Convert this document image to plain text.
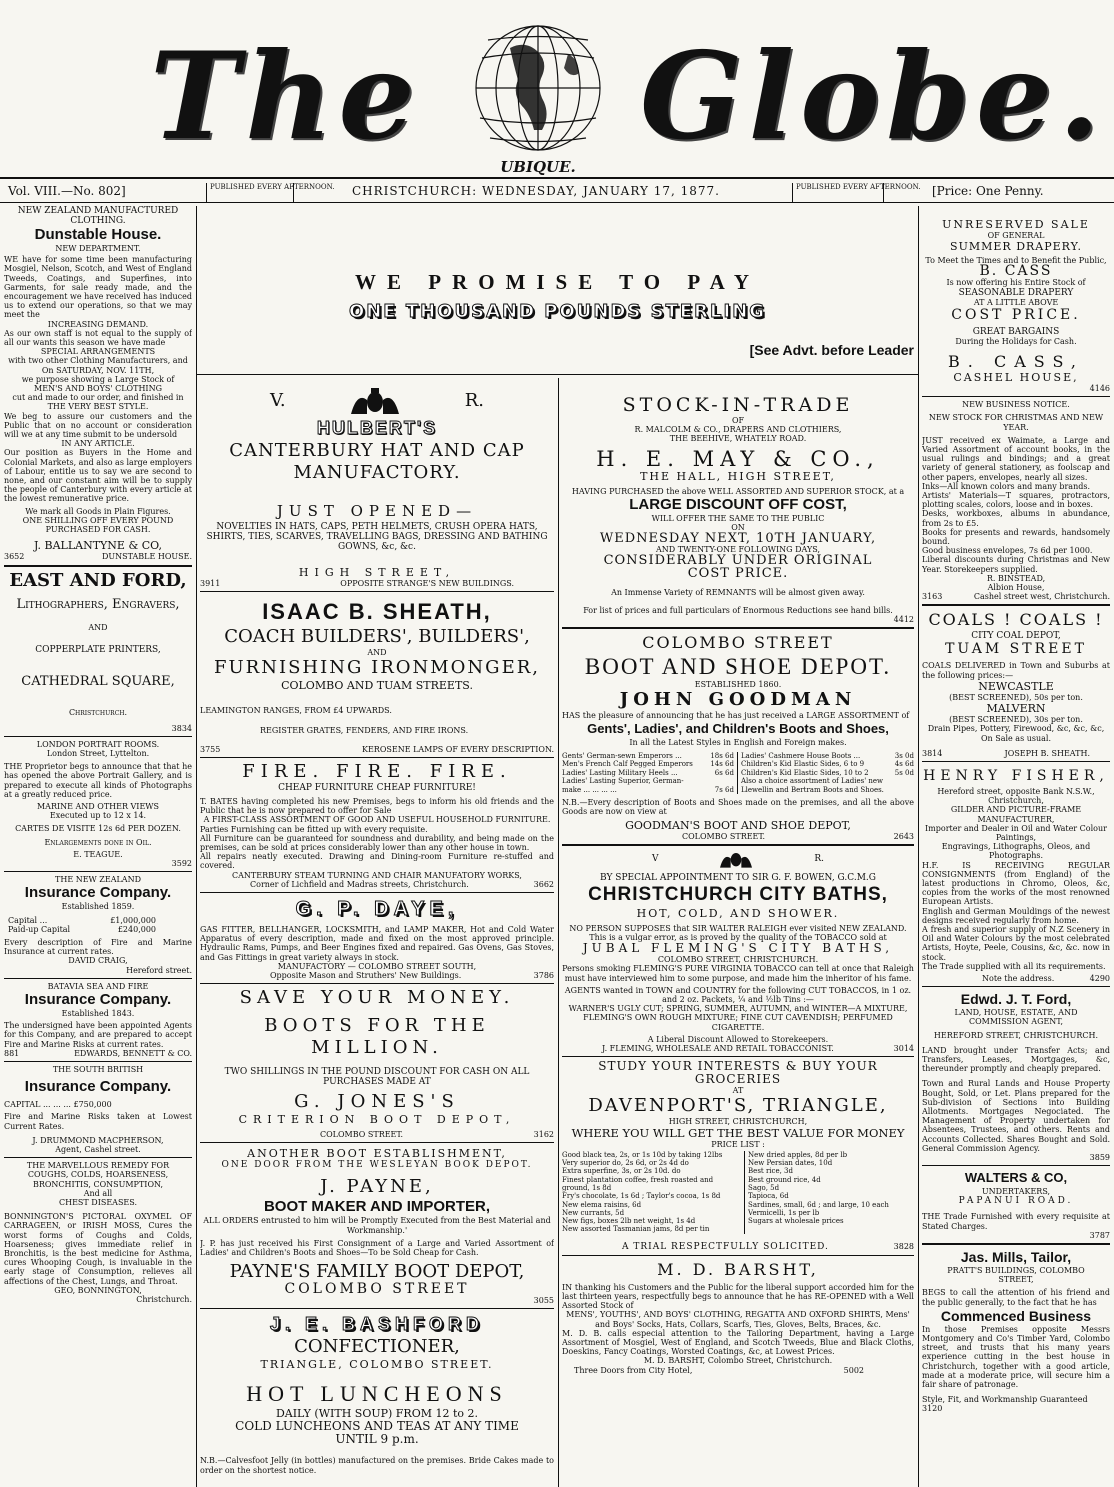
The	UBIQUE. Globe.
Vol. VIII.—No. 802]	PUBLISHED EVERY AFTERNOON. CHRISTCHURCH: WEDNESDAY, JANUARY 17, 1877.	PUBLISHED EVERY AFTERNOON. [Price: One Penny.
WE PROMISE TO PAY
ONE THOUSAND POUNDS STERLING
[See Advt. before Leader
NEW ZEALAND MANUFACTURED
CLOTHING.
Dunstable House.
NEW DEPARTMENT.
WE have for some time been manufacturing Mosgiel, Nelson, Scotch, and West of England Tweeds, Coatings, and Superfines, into Garments, for sale ready made, and the encouragement we have received has induced us to extend our operations, so that we may meet the
INCREASING DEMAND.
As our own staff is not equal to the supply of all our wants this season we have made
SPECIAL ARRANGEMENTS
with two other Clothing Manufacturers, and
On SATURDAY, NOV. 11TH,
we purpose showing a Large Stock of
MEN'S AND BOYS' CLOTHING
cut and made to our order, and finished in
THE VERY BEST STYLE.
We beg to assure our customers and the Public that on no account or consideration will we at any time submit to be undersold
IN ANY ARTICLE.
Our position as Buyers in the Home and Colonial Markets, and also as large employers of Labour, entitle us to say we are second to none, and our constant aim will be to supply the people of Canterbury with every article at the lowest remunerative price.
We mark all Goods in Plain Figures.
ONE SHILLING OFF EVERY POUND
PURCHASED FOR CASH.
J. BALLANTYNE & CO,
3652	DUNSTABLE HOUSE.
EAST AND FORD,
Lithographers, Engravers,
AND
COPPERPLATE PRINTERS,
CATHEDRAL SQUARE,
Christchurch.
3834
LONDON PORTRAIT ROOMS.
London Street, Lyttelton.
THE Proprietor begs to announce that that he has opened the above Portrait Gallery, and is prepared to execute all kinds of Photographs at a greatly reduced price.
MARINE AND OTHER VIEWS
Executed up to 12 x 14.
CARTES DE VISITE 12s 6d PER DOZEN.
Enlargements done in Oil.
E. TEAGUE.
3592
THE NEW ZEALAND
Insurance Company.
Established 1859.
Capital ...	£1,000,000
Paid-up Capital	£240,000
Every description of Fire and Marine Insurance at current rates.
DAVID CRAIG,
Hereford street.
BATAVIA SEA AND FIRE
Insurance Company.
Established 1843.
The undersigned have been appointed Agents for this Company, and are prepared to accept Fire and Marine Risks at current rates.
881	EDWARDS, BENNETT & CO.
THE SOUTH BRITISH
Insurance Company.
CAPITAL ... ... ... £750,000
Fire and Marine Risks taken at Lowest Current Rates.
J. DRUMMOND MACPHERSON,
Agent, Cashel street.
THE MARVELLOUS REMEDY FOR
COUGHS, COLDS, HOARSENESS,
BRONCHITIS, CONSUMPTION,
And all
CHEST DISEASES.
BONNINGTON'S PICTORAL OXYMEL OF CARRAGEEN, or IRISH MOSS, Cures the worst forms of Coughs and Colds, Hoarseness; gives immediate relief in Bronchitis, is the best medicine for Asthma, cures Whooping Cough, is invaluable in the early stage of Consumption, relieves all affections of the Chest, Lungs, and Throat.
GEO, BONNINGTON,
Christchurch.
V.	R.
HULBERT'S
CANTERBURY HAT AND CAP
MANUFACTORY.
JUST OPENED—
NOVELTIES IN HATS, CAPS, PETH HELMETS, CRUSH OPERA HATS, SHIRTS, TIES, SCARVES, TRAVELLING BAGS, DRESSING AND BATHING GOWNS, &c, &c.
HIGH STREET,
3911	OPPOSITE STRANGE'S NEW BUILDINGS.
ISAAC B. SHEATH,
COACH BUILDERS', BUILDERS',
AND
FURNISHING IRONMONGER,
COLOMBO AND TUAM STREETS.
LEAMINGTON RANGES, FROM £4 UPWARDS.
REGISTER GRATES, FENDERS, AND FIRE IRONS.
3755	KEROSENE LAMPS OF EVERY DESCRIPTION.
FIRE. FIRE. FIRE.
CHEAP FURNITURE CHEAP FURNITURE!
T. BATES having completed his new Premises, begs to inform his old friends and the Public that he is now prepared to offer for Sale
A FIRST-CLASS ASSORTMENT OF GOOD AND USEFUL HOUSEHOLD FURNITURE.
Parties Furnishing can be fitted up with every requisite.
All Furniture can be guaranteed for soundness and durability, and being made on the premises, can be sold at prices considerably lower than any other house in town.
All repairs neatly executed. Drawing and Dining-room Furniture re-stuffed and covered.
CANTERBURY STEAM TURNING AND CHAIR MANUFATORY WORKS,
Corner of Lichfield and Madras streets, Christchurch.	3662
G. P. DAYE,
GAS FITTER, BELLHANGER, LOCKSMITH, and LAMP MAKER, Hot and Cold Water Apparatus of every description, made and fixed on the most approved principle. Hydraulic Rams, Pumps, and Beer Engines fixed and repaired. Gas Ovens, Gas Stoves, and Gas Fittings in great variety always in stock.
MANUFACTORY — COLOMBO STREET SOUTH,
Opposite Mason and Struthers' New Buildings.	3786
SAVE YOUR MONEY.
BOOTS FOR THE MILLION.
TWO SHILLINGS IN THE POUND DISCOUNT FOR CASH ON ALL PURCHASES MADE AT
G. JONES'S
CRITERION BOOT DEPOT,
COLOMBO STREET.	3162
ANOTHER BOOT ESTABLISHMENT,
ONE DOOR FROM THE WESLEYAN BOOK DEPOT.
J. PAYNE,
BOOT MAKER AND IMPORTER,
ALL ORDERS entrusted to him will be Promptly Executed from the Best Material and Workmanship.'
J. P. has just received his First Consignment of a Large and Varied Assortment of Ladies' and Children's Boots and Shoes—To be Sold Cheap for Cash.
PAYNE'S FAMILY BOOT DEPOT,
COLOMBO STREET
3055
J. E. BASHFORD
CONFECTIONER,
TRIANGLE, COLOMBO STREET.
HOT LUNCHEONS
DAILY (WITH SOUP) FROM 12 to 2.
COLD LUNCHEONS AND TEAS AT ANY TIME
UNTIL 9 p.m.
N.B.—Calvesfoot Jelly (in bottles) manufactured on the premises. Bride Cakes made to order on the shortest notice.
STOCK-IN-TRADE
OF
R. MALCOLM & CO., DRAPERS AND CLOTHIERS,
THE BEEHIVE, WHATELY ROAD.
H. E. MAY & CO.,
THE HALL, HIGH STREET,
HAVING PURCHASED the above WELL ASSORTED AND SUPERIOR STOCK, at a
LARGE DISCOUNT OFF COST,
WILL OFFER THE SAME TO THE PUBLIC
ON
WEDNESDAY NEXT, 10TH JANUARY,
AND TWENTY-ONE FOLLOWING DAYS,
CONSIDERABLY UNDER ORIGINAL
COST PRICE.
An Immense Variety of REMNANTS will be almost given away.
For list of prices and full particulars of Enormous Reductions see hand bills.
4412
COLOMBO STREET
BOOT AND SHOE DEPOT.
ESTABLISHED 1860.
JOHN GOODMAN
HAS the pleasure of announcing that he has just received a LARGE ASSORTMENT of
Gents', Ladies', and Children's Boots and Shoes,
In all the Latest Styles in English and Foreign makes.
Gents' German-sewn Emperors ...	18s 6d
Men's French Calf Pegged Emperors 14s 6d
Ladies' Lasting Military Heels ...	6s 6d
Ladies' Lasting Superior, German-
make ... ... ... ...	7s 6d
Ladies' Cashmere House Boots ...	3s 0d
Children's Kid Elastic Sides, 6 to 9	4s 6d
Children's Kid Elastic Sides, 10 to 2	5s 0d
Also a choice assortment of Ladies' new
Llewellin and Bertram Boots and Shoes.
N.B.—Every description of Boots and Shoes made on the premises, and all the above Goods are now on view at
GOODMAN'S BOOT AND SHOE DEPOT,
COLOMBO STREET.	2643
V	R.
BY SPECIAL APPOINTMENT TO SIR G. F. BOWEN, G.C.M.G
CHRISTCHURCH CITY BATHS,
HOT, COLD, AND SHOWER.
NO PERSON SUPPOSES that SIR WALTER RALEIGH ever visited NEW ZEALAND. This is a vulgar error, as is proved by the quality of the TOBACCO sold at
JUBAL FLEMING'S CITY BATHS,
COLOMBO STREET, CHRISTCHURCH.
Persons smoking FLEMING'S PURE VIRGINIA TOBACCO can tell at once that Raleigh must have interviewed him to some purpose, and made him the inheritor of his fame.
AGENTS wanted in TOWN and COUNTRY for the following CUT TOBACCOS, in 1 oz. and 2 oz. Packets, ¼ and ½lb Tins :—
WARNER'S UGLY CUT; SPRING, SUMMER, AUTUMN, and WINTER—A MIXTURE, FLEMING'S OWN ROUGH MIXTURE; FINE CUT CAVENDISH; PERFUMED CIGARETTE.
A Liberal Discount Allowed to Storekeepers.
J. FLEMING, WHOLESALE AND RETAIL TOBACCONIST.	3014
STUDY YOUR INTERESTS & BUY YOUR GROCERIES
AT
DAVENPORT'S, TRIANGLE,
HIGH STREET, CHRISTCHURCH,
WHERE YOU WILL GET THE BEST VALUE FOR MONEY
PRICE LIST :
Good black tea, 2s, or 1s 10d by taking 12lbs
Very superior do, 2s 6d, or 2s 4d do
Extra superfine, 3s, or 2s 10d. do
Finest plantation coffee, fresh roasted and ground, 1s 8d
Fry's chocolate, 1s 6d ; Taylor's cocoa, 1s 8d
New elema raisins, 6d
New currants, 5d
New figs, boxes 2lb net weight, 1s 4d
New assorted Tasmanian jams, 8d per tin
New dried apples, 8d per lb
New Persian dates, 10d
Best rice, 3d
Best ground rice, 4d
Sago, 5d
Tapioca, 6d
Sardines, small, 6d ; and large, 10 each
Vermicelli, 1s per lb
Sugars at wholesale prices
A TRIAL RESPECTFULLY SOLICITED.	3828
M. D. BARSHT,
IN thanking his Customers and the Public for the liberal support accorded him for the last thirteen years, respectfully begs to announce that he has RE-OPENED with a Well Assorted Stock of
MENS', YOUTHS', AND BOYS' CLOTHING, REGATTA AND OXFORD SHIRTS, Mens' and Boys' Socks, Hats, Collars, Scarfs, Ties, Gloves, Belts, Braces, &c.
M. D. B. calls especial attention to the Tailoring Department, having a Large Assortment of Mosgiel, West of England, and Scotch Tweeds, Blue and Black Cloths, Doeskins, Fancy Coatings, Worsted Coatings, &c, at Lowest Prices.
M. D. BARSHT, Colombo Street, Christchurch.
Three Doors from City Hotel,	5002
UNRESERVED SALE
OF GENERAL
SUMMER DRAPERY.
To Meet the Times and to Benefit the Public,
B. CASS
Is now offering his Entire Stock of
SEASONABLE DRAPERY
AT A LITTLE ABOVE
COST PRICE.
GREAT BARGAINS
During the Holidays for Cash.
B. CASS,
CASHEL HOUSE,
4146
NEW BUSINESS NOTICE.
NEW STOCK FOR CHRISTMAS AND NEW YEAR.
JUST received ex Waimate, a Large and Varied Assortment of account books, in the usual rulings and bindings; and a great variety of general stationery, as foolscap and other papers, envelopes, nearly all sizes.
Inks—All known colors and many brands.
Artists' Materials—T squares, protractors, plotting scales, colors, loose and in boxes.
Desks, workboxes, albums in abundance, from 2s to £5.
Books for presents and rewards, handsomely bound.
Good business envelopes, 7s 6d per 1000.
Liberal discounts during Christmas and New Year. Storekeepers supplied.
R. BINSTEAD,
Albion House,
3163	Cashel street west, Christchurch.
COALS ! COALS !
CITY COAL DEPOT,
TUAM STREET
COALS DELIVERED in Town and Suburbs at the following prices:—
NEWCASTLE
(BEST SCREENED), 50s per ton.
MALVERN
(BEST SCREENED), 30s per ton.
Drain Pipes, Pottery, Firewood, &c, &c, &c, On Sale as usual.
3814	JOSEPH B. SHEATH.
HENRY FISHER,
Hereford street, opposite Bank N.S.W., Christchurch,
GILDER AND PICTURE-FRAME MANUFACTURER,
Importer and Dealer in Oil and Water Colour Paintings,
Engravings, Lithographs, Oleos, and Photographs.
H.F. IS RECEIVING REGULAR CONSIGNMENTS (from England) of the latest productions in Chromo, Oleos, &c, copies from the works of the most renowned European Artists.
English and German Mouldings of the newest designs received regularly from home.
A fresh and superior supply of N.Z Scenery in Oil and Water Colours by the most celebrated Artists, Hoyte, Peele, Cousins, &c, &c. now in stock.
The Trade supplied with all its requirements.
Note the address.	4290
Edwd. J. T. Ford,
LAND, HOUSE, ESTATE, AND
COMMISSION AGENT,
HEREFORD STREET, CHRISTCHURCH.
LAND brought under Transfer Acts; and Transfers, Leases, Mortgages, &c, thereunder promptly and cheaply prepared.
Town and Rural Lands and House Property Bought, Sold, or Let. Plans prepared for the Sub-division of Sections into Building Allotments. Mortgages Negociated. The Management of Property undertaken for Absentees, Trustees, and others. Rents and Accounts Collected. Shares Bought and Sold. General Commission Agency.
3859
WALTERS & CO,
UNDERTAKERS,
PAPANUI ROAD.
THE Trade Furnished with every requisite at Stated Charges.
3787
Jas. Mills, Tailor,
PRATT'S BUILDINGS, COLOMBO
STREET,
BEGS to call the attention of his friend and the public generally, to the fact that he has
Commenced Business
In those Premises opposite Messrs Montgomery and Co's Timber Yard, Colombo street, and trusts that his many years experience cutting in the best house in Christchurch, together with a good article, made at a moderate price, will secure him a fair share of patronage.
Style, Fit, and Workmanship Guaranteed
3120
